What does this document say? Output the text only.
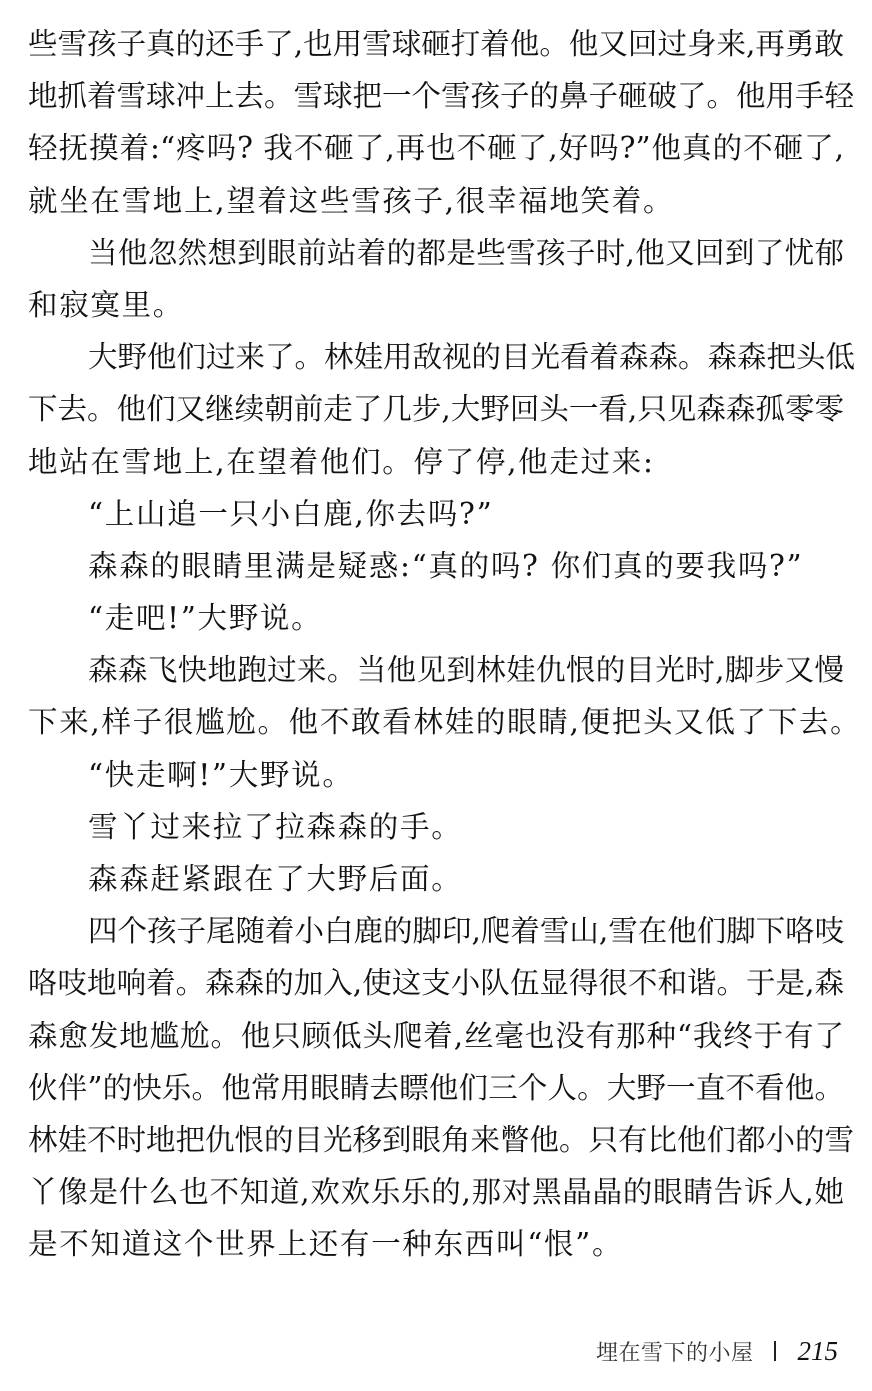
些雪孩子真的还手了,也用雪球砸打着他。他又回过身来,再勇敢
地抓着雪球冲上去。雪球把一个雪孩子的鼻子砸破了。他用手轻
轻抚摸着:“疼吗? 我不砸了,再也不砸了,好吗?”他真的不砸了,
就坐在雪地上,望着这些雪孩子,很幸福地笑着。
当他忽然想到眼前站着的都是些雪孩子时,他又回到了忧郁
和寂寞里。
大野他们过来了。林娃用敌视的目光看着森森。森森把头低
下去。他们又继续朝前走了几步,大野回头一看,只见森森孤零零
地站在雪地上,在望着他们。停了停,他走过来:
“上山追一只小白鹿,你去吗?”
森森的眼睛里满是疑惑:“真的吗? 你们真的要我吗?”
“走吧!”大野说。
森森飞快地跑过来。当他见到林娃仇恨的目光时,脚步又慢
下来,样子很尴尬。他不敢看林娃的眼睛,便把头又低了下去。
“快走啊!”大野说。
雪丫过来拉了拉森森的手。
森森赶紧跟在了大野后面。
四个孩子尾随着小白鹿的脚印,爬着雪山,雪在他们脚下咯吱
咯吱地响着。森森的加入,使这支小队伍显得很不和谐。于是,森
森愈发地尴尬。他只顾低头爬着,丝毫也没有那种“我终于有了
伙伴”的快乐。他常用眼睛去瞟他们三个人。大野一直不看他。
林娃不时地把仇恨的目光移到眼角来瞥他。只有比他们都小的雪
丫像是什么也不知道,欢欢乐乐的,那对黑晶晶的眼睛告诉人,她
是不知道这个世界上还有一种东西叫“恨”。
埋在雪下的小屋 215
